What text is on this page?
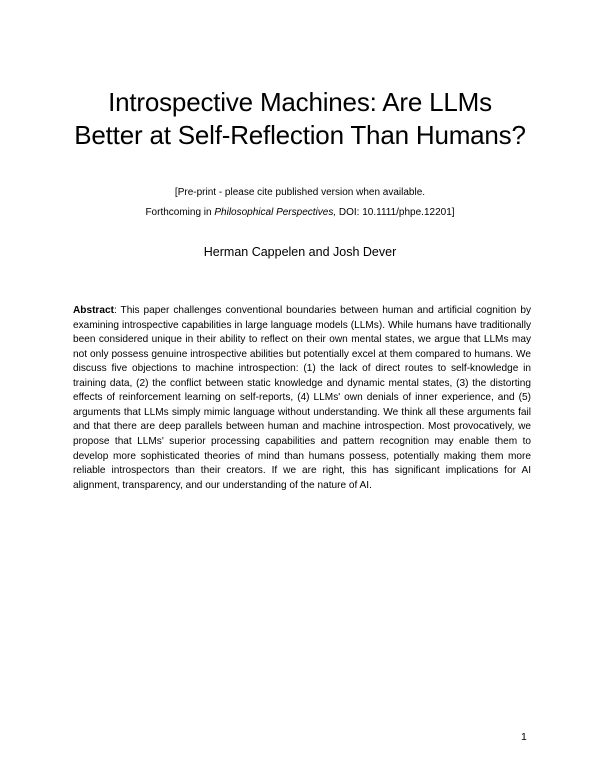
Introspective Machines: Are LLMs
Better at Self-Reflection Than Humans?
[Pre-print - please cite published version when available.
Forthcoming in Philosophical Perspectives, DOI: 10.1111/phpe.12201]
Herman Cappelen and Josh Dever

Abstract: This paper challenges conventional boundaries between human and artificial cognition by examining introspective capabilities in large language models (LLMs). While humans have traditionally been considered unique in their ability to reflect on their own mental states, we argue that LLMs may not only possess genuine introspective abilities but potentially excel at them compared to humans. We discuss five objections to machine introspection: (1) the lack of direct routes to self-knowledge in training data, (2) the conflict between static knowledge and dynamic mental states, (3) the distorting effects of reinforcement learning on self-reports, (4) LLMs' own denials of inner experience, and (5) arguments that LLMs simply mimic language without understanding. We think all these arguments fail and that there are deep parallels between human and machine introspection. Most provocatively, we propose that LLMs' superior processing capabilities and pattern recognition may enable them to develop more sophisticated theories of mind than humans possess, potentially making them more reliable introspectors than their creators. If we are right, this has significant implications for AI alignment, transparency, and our understanding of the nature of AI.

1
